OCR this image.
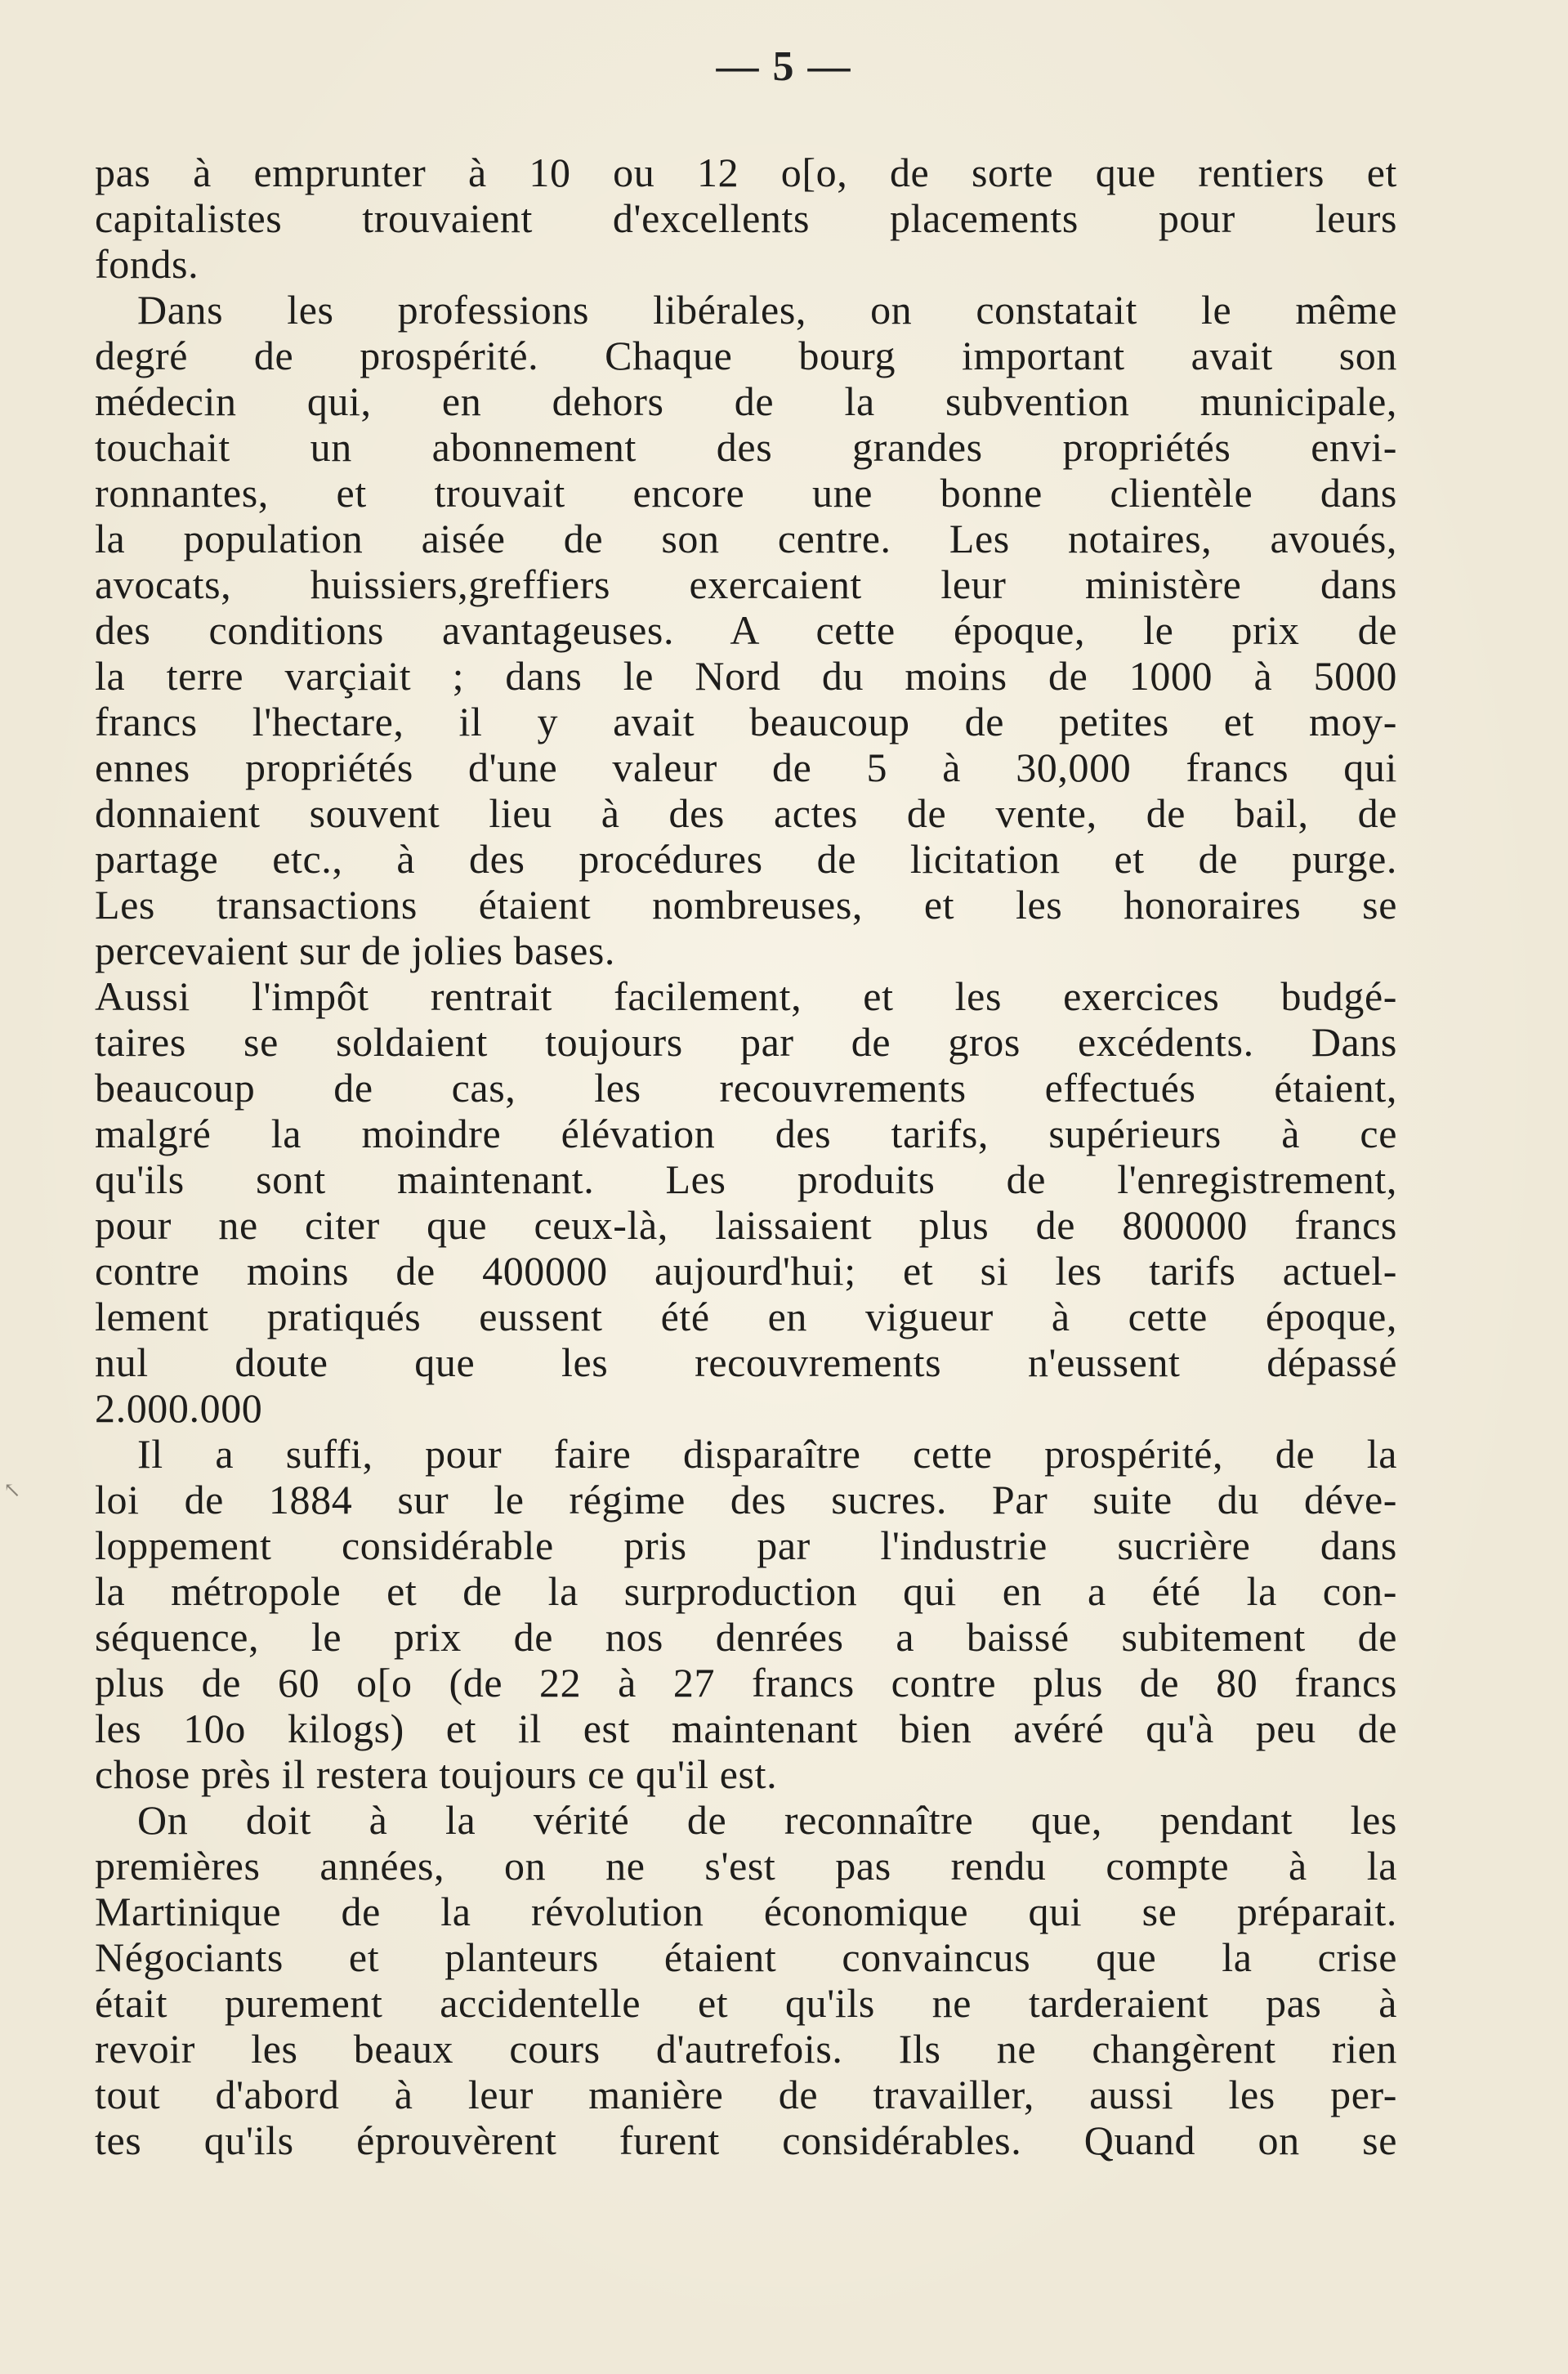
— 5 —
↖
pas à emprunter à 10 ou 12 o[o, de sorte que rentiers et
capitalistes trouvaient d'excellents placements pour leurs
fonds.
Dans les professions libérales, on constatait le même
degré de prospérité. Chaque bourg important avait son
médecin qui, en dehors de la subvention municipale,
touchait un abonnement des grandes propriétés envi-
ronnantes, et trouvait encore une bonne clientèle dans
la population aisée de son centre. Les notaires, avoués,
avocats, huissiers,greffiers exercaient leur ministère dans
des conditions avantageuses. A cette époque, le prix de
la terre varçiait ; dans le Nord du moins de 1000 à 5000
francs l'hectare, il y avait beaucoup de petites et moy-
ennes propriétés d'une valeur de 5 à 30,000 francs qui
donnaient souvent lieu à des actes de vente, de bail, de
partage etc., à des procédures de licitation et de purge.
Les transactions étaient nombreuses, et les honoraires se
percevaient sur de jolies bases.
Aussi l'impôt rentrait facilement, et les exercices budgé-
taires se soldaient toujours par de gros excédents. Dans
beaucoup de cas, les recouvrements effectués étaient,
malgré la moindre élévation des tarifs, supérieurs à ce
qu'ils sont maintenant. Les produits de l'enregistrement,
pour ne citer que ceux-là, laissaient plus de 800000 francs
contre moins de 400000 aujourd'hui; et si les tarifs actuel-
lement pratiqués eussent été en vigueur à cette époque,
nul doute que les recouvrements n'eussent dépassé
2.000.000
Il a suffi, pour faire disparaître cette prospérité, de la
loi de 1884 sur le régime des sucres. Par suite du déve-
loppement considérable pris par l'industrie sucrière dans
la métropole et de la surproduction qui en a été la con-
séquence, le prix de nos denrées a baissé subitement de
plus de 60 o[o (de 22 à 27 francs contre plus de 80 francs
les 10o kilogs) et il est maintenant bien avéré qu'à peu de
chose près il restera toujours ce qu'il est.
On doit à la vérité de reconnaître que, pendant les
premières années, on ne s'est pas rendu compte à la
Martinique de la révolution économique qui se préparait.
Négociants et planteurs étaient convaincus que la crise
était purement accidentelle et qu'ils ne tarderaient pas à
revoir les beaux cours d'autrefois. Ils ne changèrent rien
tout d'abord à leur manière de travailler, aussi les per-
tes qu'ils éprouvèrent furent considérables. Quand on se
